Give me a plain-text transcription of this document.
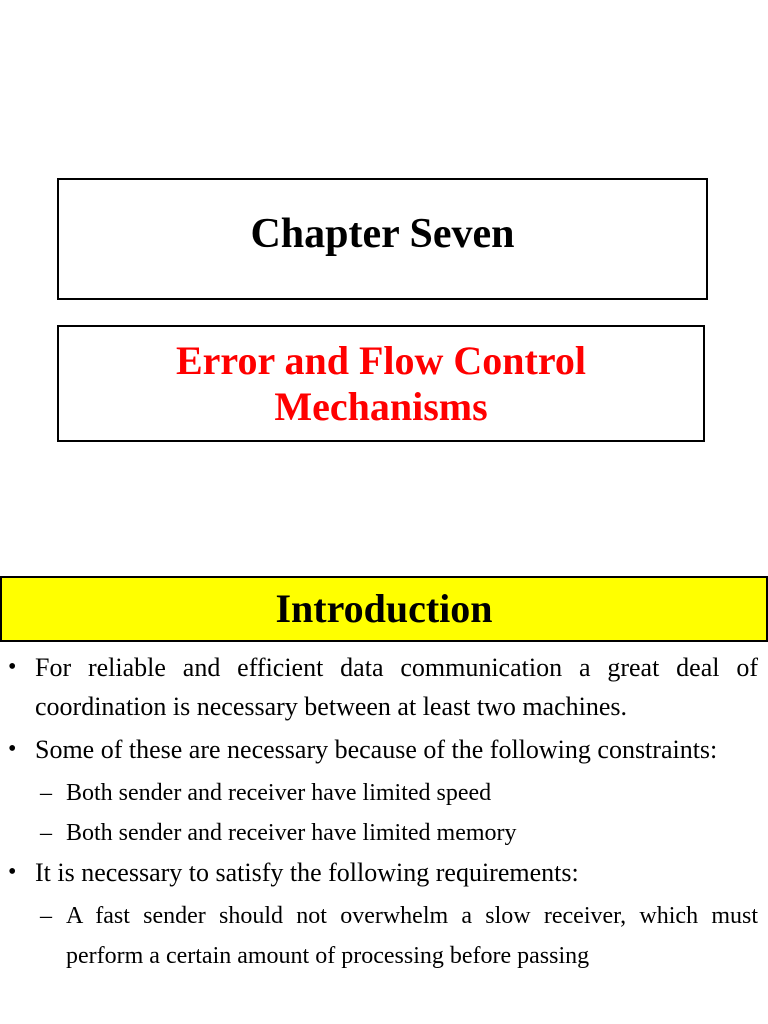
Chapter Seven
Error and Flow Control Mechanisms
Introduction
• For reliable and efficient data communication a great deal of coordination is necessary between at least two machines.
• Some of these are necessary because of the following constraints:
– Both sender and receiver have limited speed
– Both sender and receiver have limited memory
• It is necessary to satisfy the following requirements:
– A fast sender should not overwhelm a slow receiver, which must perform a certain amount of processing before passing
